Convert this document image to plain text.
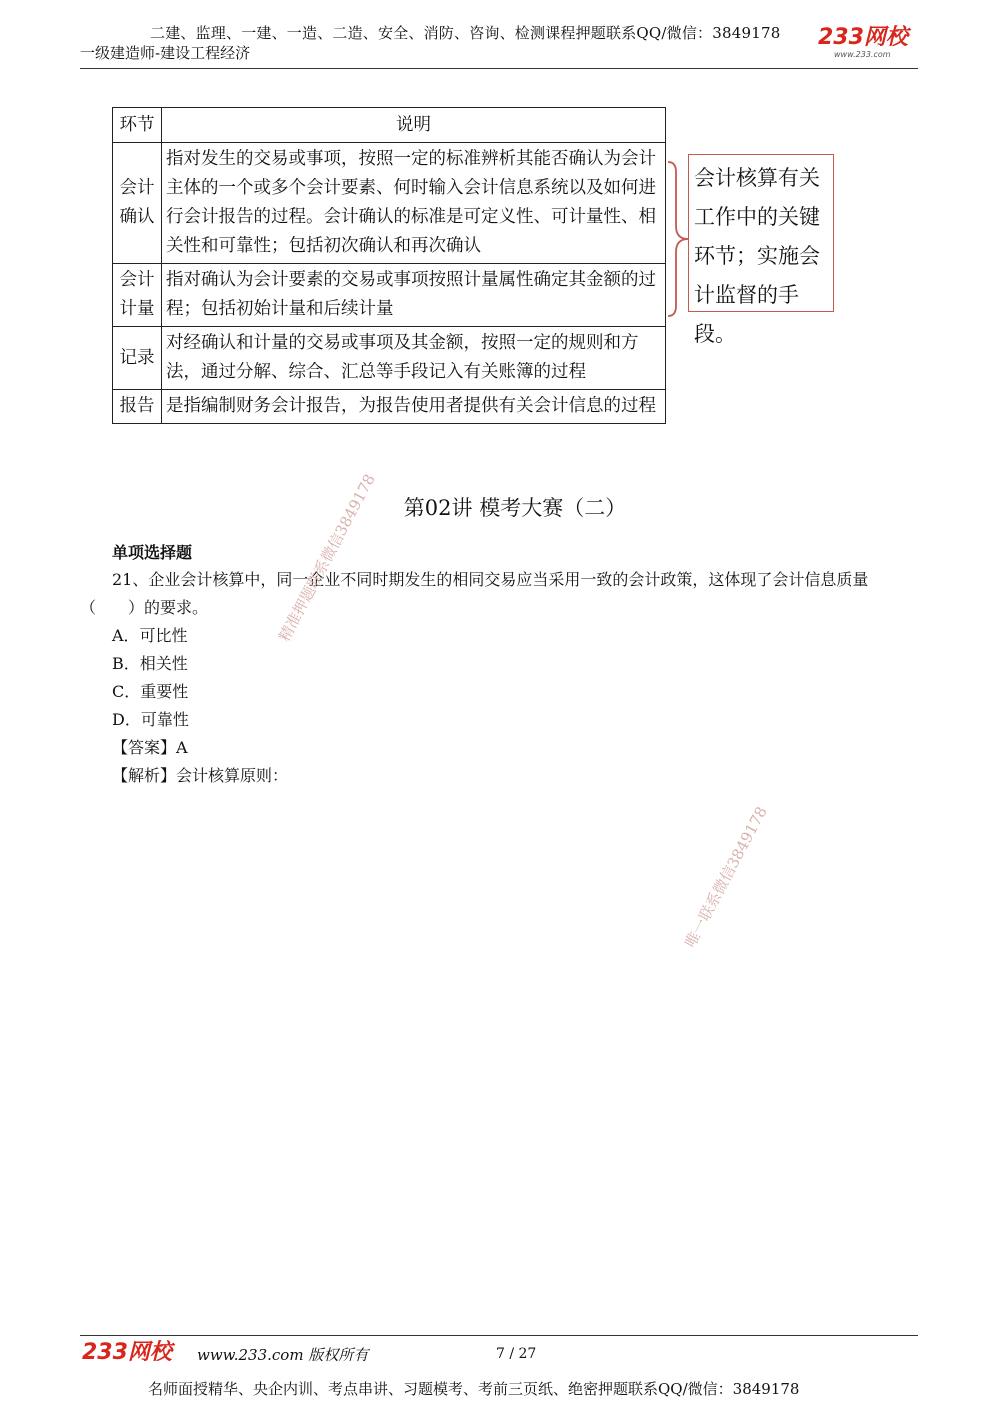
二建、监理、一建、一造、二造、安全、消防、咨询、检测课程押题联系QQ/微信：3849178
一级建造师-建设工程经济
233网校
www.233.com
环节	说明
会计
确认	指对发生的交易或事项，按照一定的标准辨析其能否确认为会计主体的一个或多个会计要素、何时输入会计信息系统以及如何进行会计报告的过程。会计确认的标准是可定义性、可计量性、相关性和可靠性；包括初次确认和再次确认
会计
计量	指对确认为会计要素的交易或事项按照计量属性确定其金额的过程；包括初始计量和后续计量
记录	对经确认和计量的交易或事项及其金额，按照一定的规则和方法，通过分解、综合、汇总等手段记入有关账簿的过程
报告	是指编制财务会计报告，为报告使用者提供有关会计信息的过程
会计核算有关
工作中的关键
环节；实施会
计监督的手段。
第02讲 模考大赛（二）
单项选择题
21、企业会计核算中，同一企业不同时期发生的相同交易应当采用一致的会计政策，这体现了会计信息质量（　　）的要求。
A．可比性
B．相关性
C．重要性
D．可靠性
【答案】A
【解析】会计核算原则：
精准押题联系微信3849178
唯一联系微信3849178
233网校 www.233.com 版权所有	7 / 27
名师面授精华、央企内训、考点串讲、习题模考、考前三页纸、绝密押题联系QQ/微信：3849178
